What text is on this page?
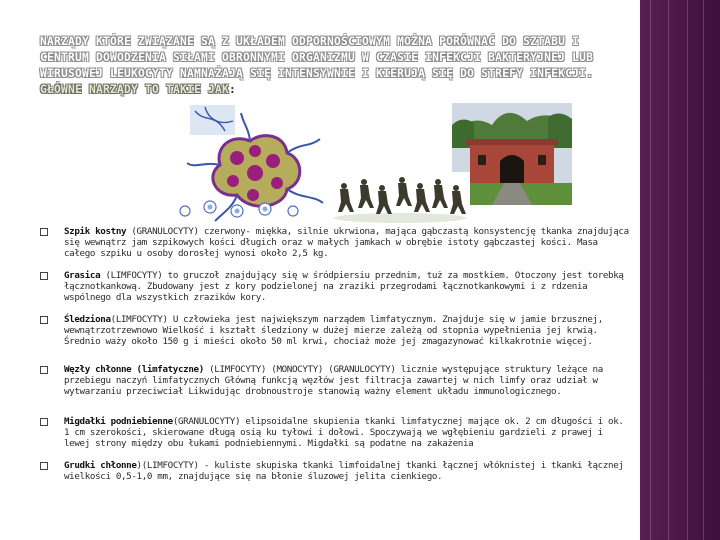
NARZĄDY KTÓRE ZWIĄZANE SĄ Z UKŁADEM ODPORNOŚCIOWYM MOŻNA PORÓWNAĆ DO SZTABU I CENTRUM DOWODZENIA SIŁAMI OBRONNYMI ORGANIZMU W CZASIE INFEKCJI BAKTERYJNEJ LUB WIRUSOWEJ LEUKOCYTY NAMNAŻAJĄ SIĘ INTENSYWNIE I KIERUJĄ SIĘ DO STREFY INFEKCJI. GŁÓWNE NARZĄDY TO TAKIE JAK:
Szpik kostny (GRANULOCYTY) czerwony- miękka, silnie ukrwiona, mająca gąbczastą konsystencję tkanka znajdująca się wewnątrz jam szpikowych kości długich oraz w małych jamkach w obrębie istoty gąbczastej kości. Masa całego szpiku u osoby dorosłej wynosi około 2,5 kg.
Grasica (LIMFOCYTY) to gruczoł znajdujący się w śródpiersiu przednim, tuż za mostkiem. Otoczony jest torebką łącznotkankową. Zbudowany jest z kory podzielonej na zraziki przegrodami łącznotkankowymi i z rdzenia wspólnego dla wszystkich zrazików kory.
Śledziona(LIMFOCYTY) U człowieka jest największym narządem limfatycznym. Znajduje się w jamie brzusznej, wewnątrzotrzewnowo Wielkość i kształt śledziony w dużej mierze zależą od stopnia wypełnienia jej krwią. Średnio waży około 150 g i mieści około 50 ml krwi, chociaż może jej zmagazynować kilkakrotnie więcej.
Węzły chłonne (limfatyczne) (LIMFOCYTY) (MONOCYTY) (GRANULOCYTY) licznie występujące struktury leżące na przebiegu naczyń limfatycznych Główną funkcją węzłów jest filtracja zawartej w nich limfy oraz udział w wytwarzaniu przeciwciał Likwidując drobnoustroje stanowią ważny element układu immunologicznego.
Migdałki podniebienne(GRANULOCYTY) elipsoidalne skupienia tkanki limfatycznej mające ok. 2 cm długości i ok. 1 cm szerokości, skierowane długą osią ku tyłowi i dołowi. Spoczywają we wgłębieniu gardzieli z prawej i lewej strony między obu łukami podniebiennymi. Migdałki są podatne na zakażenia
Grudki chłonne)(LIMFOCYTY) - kuliste skupiska tkanki limfoidalnej tkanki łącznej włóknistej i tkanki łącznej wielkości 0,5-1,0 mm, znajdujące się na błonie śluzowej jelita cienkiego.
